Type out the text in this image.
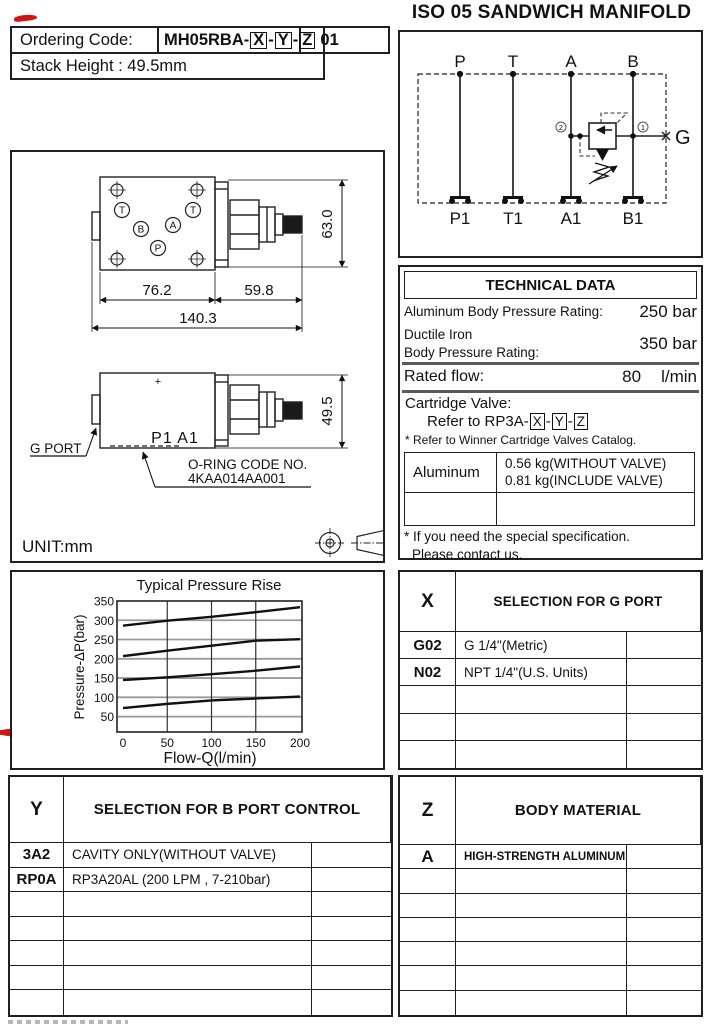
ISO 05 SANDWICH MANIFOLD
Ordering Code: MH05RBA- X - Y - Z 01
Stack Height : 49.5mm
2	1
P T	A	B
P1 T1 A1 B1
G
T	T
B	A
P
76.2	59.8
140.3
63.0
+
P1 A1
49.5
G PORT
O-RING CODE NO.
4KAA014AA001
UNIT:mm
TECHNICAL DATA
Aluminum Body Pressure Rating: 250 bar
Ductile Iron
Body Pressure Rating:	350 bar
Rated flow:	80 l/min
Cartridge Valve:
Refer to RP3A- X - Y - Z
* Refer to Winner Cartridge Valves Catalog.
Aluminum
0.56 kg(WITHOUT VALVE)
0.81 kg(INCLUDE VALVE)
* If you need the special specification.
Please contact us.
50
100
150
200
250
300
350
0	50 100 150 200
Typical Pressure Rise
Flow-Q(l/min)
Pressure-ΔP(bar)
X	SELECTION FOR G PORT
G02	G 1/4"(Metric)
N02	NPT 1/4"(U.S. Units)
Y	SELECTION FOR B PORT CONTROL
3A2	CAVITY ONLY(WITHOUT VALVE)
RP0A	RP3A20AL (200 LPM , 7-210bar)
Z	BODY MATERIAL
A	HIGH-STRENGTH ALUMINUM
